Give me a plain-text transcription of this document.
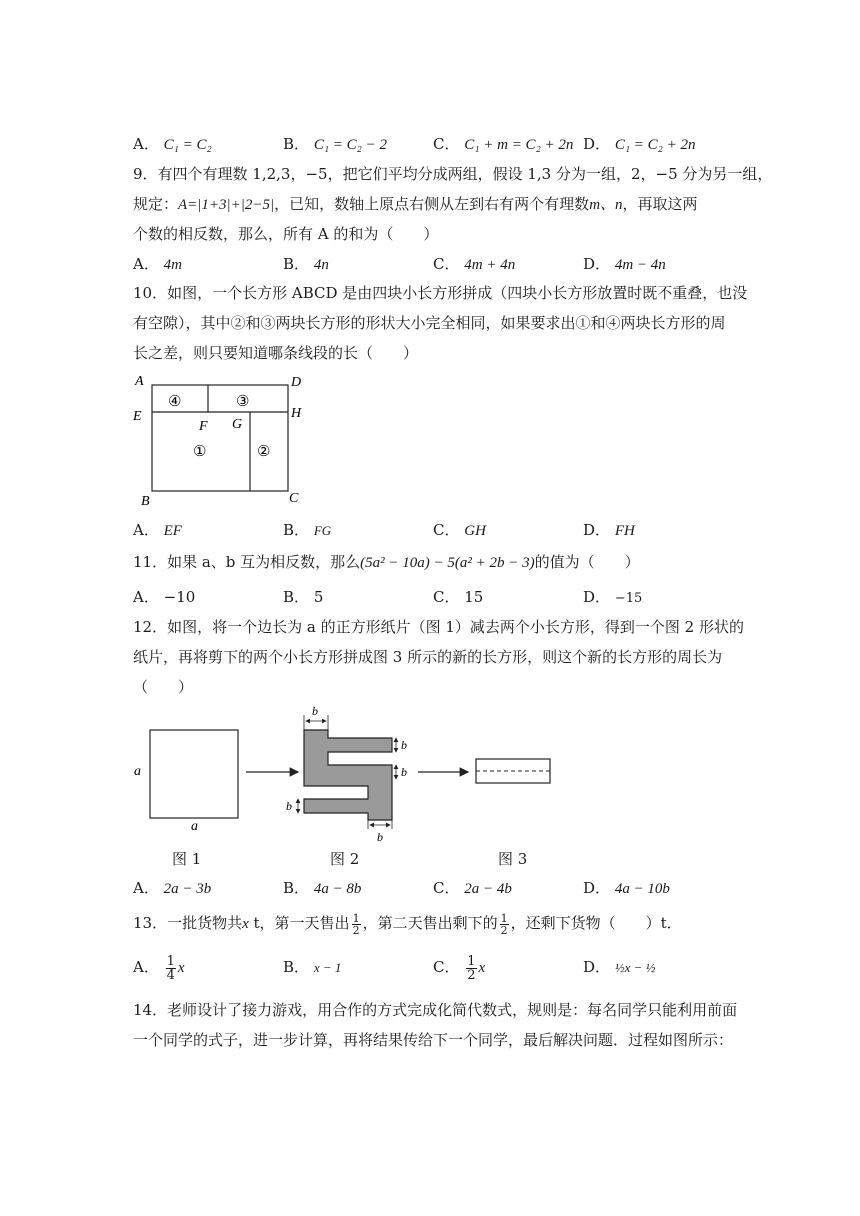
A． C₁ = C₂	B． C₁ = C₂ − 2	C． C₁ + m = C₂ + 2n D． C₁ = C₂ + 2n
9．有四个有理数 1,2,3，−5，把它们平均分成两组，假设 1,3 分为一组，2，−5 分为另一组，
规定：A=|1+3|+|2−5|，已知，数轴上原点右侧从左到右有两个有理数m、n，再取这两
个数的相反数，那么，所有 A 的和为（　　）
A． 4m	B． 4n	C． 4m + 4n	D． 4m − 4n
10．如图，一个长方形 ABCD 是由四块小长方形拼成（四块小长方形放置时既不重叠，也没
有空隙），其中②和③两块长方形的形状大小完全相同，如果要求出①和④两块长方形的周
长之差，则只要知道哪条线段的长（　　）
A	D
E	H
F G
B	C
④	③
①	②
A． EF	B． FG	C． GH	D． FH
11．如果 a、b 互为相反数，那么(5a² − 10a) − 5(a² + 2b − 3)的值为（　　）
A． −10	B． 5	C． 15	D． −15
12．如图，将一个边长为 a 的正方形纸片（图 1）减去两个小长方形，得到一个图 2 形状的
纸片，再将剪下的两个小长方形拼成图 3 所示的新的长方形，则这个新的长方形的周长为
（　　）
a
a
b
b
b
b
b
图 1	图 2	图 3
A． 2a − 3b	B． 4a − 8b	C． 2a − 4b	D． 4a − 10b
13．一批货物共x t，第一天售出 $\frac{1}{2}$ ，第二天售出剩下的 $\frac{1}{2}$ ，还剩下货物（　　）t．
A． $\frac{1}{4}$ x	B． x − 1	C． $\frac{1}{2}$ x	D． ½x − ½
14．老师设计了接力游戏，用合作的方式完成化简代数式，规则是：每名同学只能利用前面
一个同学的式子，进一步计算，再将结果传给下一个同学，最后解决问题．过程如图所示：
